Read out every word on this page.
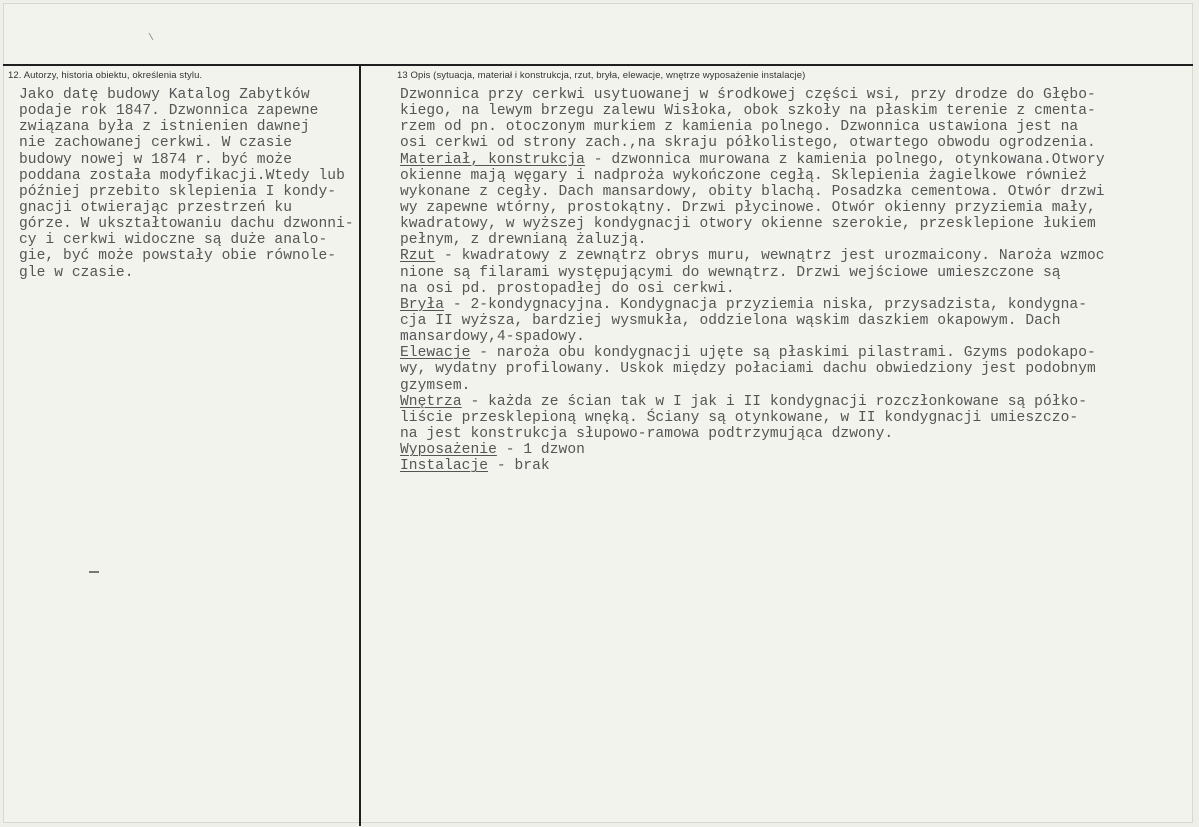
12. Autorzy, historia obiektu, określenia stylu.	13 Opis (sytuacja, materiał i konstrukcja, rzut, bryła, elewacje, wnętrze wyposażenie instalacje)
Jako datę budowy Katalog Zabytków
podaje rok 1847. Dzwonnica zapewne
związana była z istnienien dawnej
nie zachowanej cerkwi. W czasie
budowy nowej w 1874 r. być może
poddana została modyfikacji.Wtedy lub
później przebito sklepienia I kondy-
gnacji otwierając przestrzeń ku
górze. W ukształtowaniu dachu dzwonni-
cy i cerkwi widoczne są duże analo-
gie, być może powstały obie równole-
gle w czasie.
Dzwonnica przy cerkwi usytuowanej w środkowej części wsi, przy drodze do Głębo-
kiego, na lewym brzegu zalewu Wisłoka, obok szkoły na płaskim terenie z cmenta-
rzem od pn. otoczonym murkiem z kamienia polnego. Dzwonnica ustawiona jest na
osi cerkwi od strony zach.,na skraju półkolistego, otwartego obwodu ogrodzenia.
Materiał, konstrukcja - dzwonnica murowana z kamienia polnego, otynkowana.Otwory
okienne mają węgary i nadproża wykończone cegłą. Sklepienia żagielkowe również
wykonane z cegły. Dach mansardowy, obity blachą. Posadzka cementowa. Otwór drzwi
wy zapewne wtórny, prostokątny. Drzwi płycinowe. Otwór okienny przyziemia mały,
kwadratowy, w wyższej kondygnacji otwory okienne szerokie, przesklepione łukiem
pełnym, z drewnianą żaluzją.
Rzut - kwadratowy z zewnątrz obrys muru, wewnątrz jest urozmaicony. Naroża wzmoc
nione są filarami występującymi do wewnątrz. Drzwi wejściowe umieszczone są
na osi pd. prostopadłej do osi cerkwi.
Bryła - 2-kondygnacyjna. Kondygnacja przyziemia niska, przysadzista, kondygna-
cja II wyższa, bardziej wysmukła, oddzielona wąskim daszkiem okapowym. Dach
mansardowy,4-spadowy.
Elewacje - naroża obu kondygnacji ujęte są płaskimi pilastrami. Gzyms podokapo-
wy, wydatny profilowany. Uskok między połaciami dachu obwiedziony jest podobnym
gzymsem.
Wnętrza - każda ze ścian tak w I jak i II kondygnacji rozczłonkowane są półko-
liście przesklepioną wnęką. Ściany są otynkowane, w II kondygnacji umieszczo-
na jest konstrukcja słupowo-ramowa podtrzymująca dzwony.
Wyposażenie - 1 dzwon
Instalacje - brak
